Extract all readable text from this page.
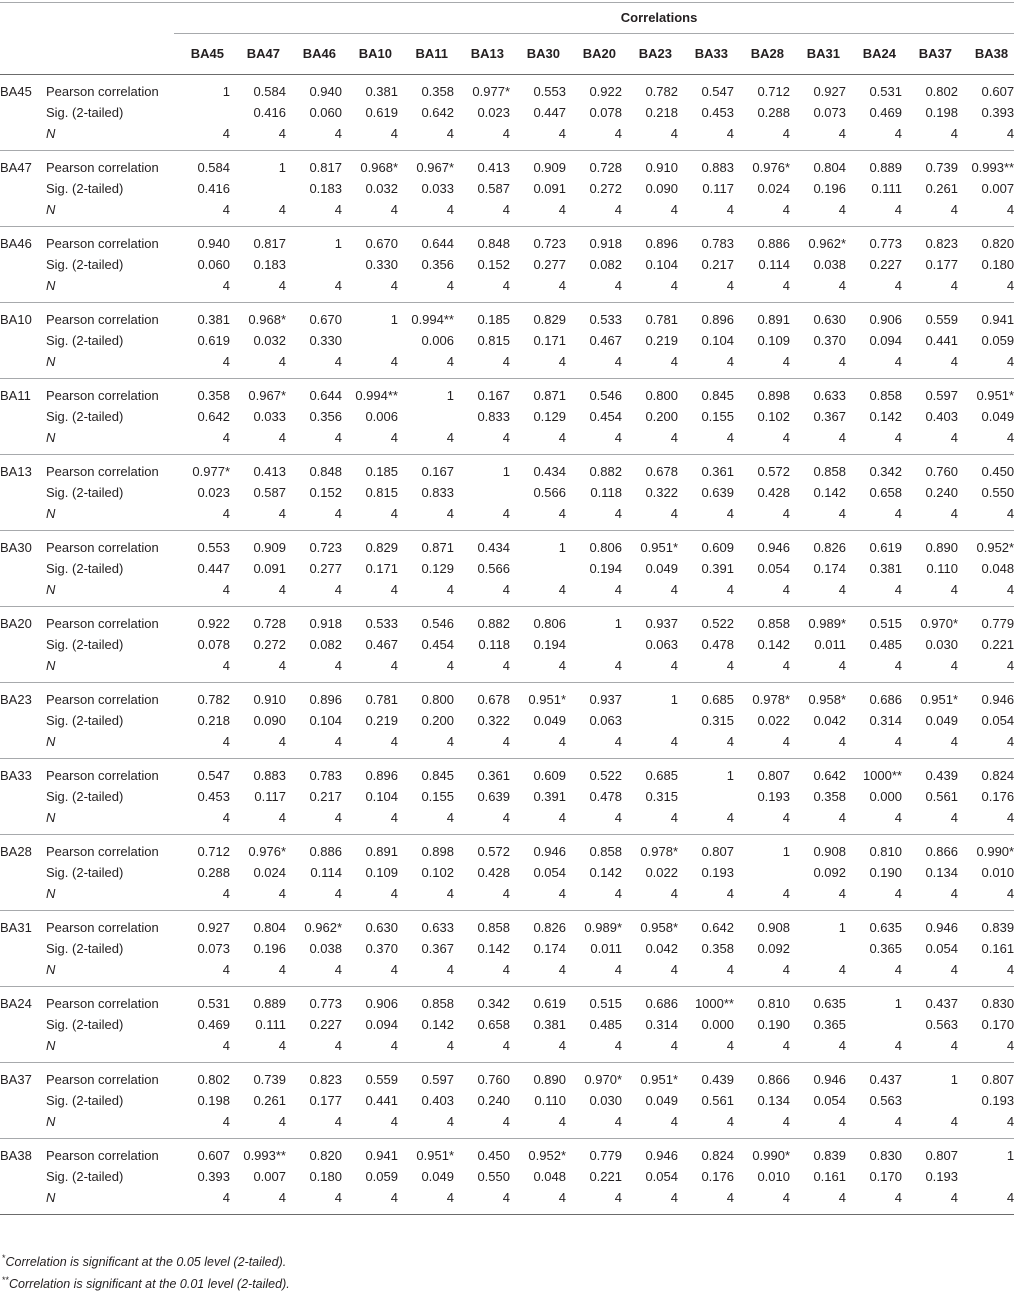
		Correlations														
		BA45	BA47	BA46	BA10	BA11	BA13	BA30	BA20	BA23	BA33	BA28	BA31	BA24	BA37	BA38
BA45	Pearson correlation	1	0.584	0.940	0.381	0.358	0.977*	0.553	0.922	0.782	0.547	0.712	0.927	0.531	0.802	0.607
	Sig. (2-tailed)		0.416	0.060	0.619	0.642	0.023	0.447	0.078	0.218	0.453	0.288	0.073	0.469	0.198	0.393
	N	4	4	4	4	4	4	4	4	4	4	4	4	4	4	4
BA47	Pearson correlation	0.584	1	0.817	0.968*	0.967*	0.413	0.909	0.728	0.910	0.883	0.976*	0.804	0.889	0.739	0.993**
	Sig. (2-tailed)	0.416		0.183	0.032	0.033	0.587	0.091	0.272	0.090	0.117	0.024	0.196	0.111	0.261	0.007
	N	4	4	4	4	4	4	4	4	4	4	4	4	4	4	4
BA46	Pearson correlation	0.940	0.817	1	0.670	0.644	0.848	0.723	0.918	0.896	0.783	0.886	0.962*	0.773	0.823	0.820
	Sig. (2-tailed)	0.060	0.183		0.330	0.356	0.152	0.277	0.082	0.104	0.217	0.114	0.038	0.227	0.177	0.180
	N	4	4	4	4	4	4	4	4	4	4	4	4	4	4	4
BA10	Pearson correlation	0.381	0.968*	0.670	1	0.994**	0.185	0.829	0.533	0.781	0.896	0.891	0.630	0.906	0.559	0.941
	Sig. (2-tailed)	0.619	0.032	0.330		0.006	0.815	0.171	0.467	0.219	0.104	0.109	0.370	0.094	0.441	0.059
	N	4	4	4	4	4	4	4	4	4	4	4	4	4	4	4
BA11	Pearson correlation	0.358	0.967*	0.644	0.994**	1	0.167	0.871	0.546	0.800	0.845	0.898	0.633	0.858	0.597	0.951*
	Sig. (2-tailed)	0.642	0.033	0.356	0.006		0.833	0.129	0.454	0.200	0.155	0.102	0.367	0.142	0.403	0.049
	N	4	4	4	4	4	4	4	4	4	4	4	4	4	4	4
BA13	Pearson correlation	0.977*	0.413	0.848	0.185	0.167	1	0.434	0.882	0.678	0.361	0.572	0.858	0.342	0.760	0.450
	Sig. (2-tailed)	0.023	0.587	0.152	0.815	0.833		0.566	0.118	0.322	0.639	0.428	0.142	0.658	0.240	0.550
	N	4	4	4	4	4	4	4	4	4	4	4	4	4	4	4
BA30	Pearson correlation	0.553	0.909	0.723	0.829	0.871	0.434	1	0.806	0.951*	0.609	0.946	0.826	0.619	0.890	0.952*
	Sig. (2-tailed)	0.447	0.091	0.277	0.171	0.129	0.566		0.194	0.049	0.391	0.054	0.174	0.381	0.110	0.048
	N	4	4	4	4	4	4	4	4	4	4	4	4	4	4	4
BA20	Pearson correlation	0.922	0.728	0.918	0.533	0.546	0.882	0.806	1	0.937	0.522	0.858	0.989*	0.515	0.970*	0.779
	Sig. (2-tailed)	0.078	0.272	0.082	0.467	0.454	0.118	0.194		0.063	0.478	0.142	0.011	0.485	0.030	0.221
	N	4	4	4	4	4	4	4	4	4	4	4	4	4	4	4
BA23	Pearson correlation	0.782	0.910	0.896	0.781	0.800	0.678	0.951*	0.937	1	0.685	0.978*	0.958*	0.686	0.951*	0.946
	Sig. (2-tailed)	0.218	0.090	0.104	0.219	0.200	0.322	0.049	0.063		0.315	0.022	0.042	0.314	0.049	0.054
	N	4	4	4	4	4	4	4	4	4	4	4	4	4	4	4
BA33	Pearson correlation	0.547	0.883	0.783	0.896	0.845	0.361	0.609	0.522	0.685	1	0.807	0.642	1000**	0.439	0.824
	Sig. (2-tailed)	0.453	0.117	0.217	0.104	0.155	0.639	0.391	0.478	0.315		0.193	0.358	0.000	0.561	0.176
	N	4	4	4	4	4	4	4	4	4	4	4	4	4	4	4
BA28	Pearson correlation	0.712	0.976*	0.886	0.891	0.898	0.572	0.946	0.858	0.978*	0.807	1	0.908	0.810	0.866	0.990*
	Sig. (2-tailed)	0.288	0.024	0.114	0.109	0.102	0.428	0.054	0.142	0.022	0.193		0.092	0.190	0.134	0.010
	N	4	4	4	4	4	4	4	4	4	4	4	4	4	4	4
BA31	Pearson correlation	0.927	0.804	0.962*	0.630	0.633	0.858	0.826	0.989*	0.958*	0.642	0.908	1	0.635	0.946	0.839
	Sig. (2-tailed)	0.073	0.196	0.038	0.370	0.367	0.142	0.174	0.011	0.042	0.358	0.092		0.365	0.054	0.161
	N	4	4	4	4	4	4	4	4	4	4	4	4	4	4	4
BA24	Pearson correlation	0.531	0.889	0.773	0.906	0.858	0.342	0.619	0.515	0.686	1000**	0.810	0.635	1	0.437	0.830
	Sig. (2-tailed)	0.469	0.111	0.227	0.094	0.142	0.658	0.381	0.485	0.314	0.000	0.190	0.365		0.563	0.170
	N	4	4	4	4	4	4	4	4	4	4	4	4	4	4	4
BA37	Pearson correlation	0.802	0.739	0.823	0.559	0.597	0.760	0.890	0.970*	0.951*	0.439	0.866	0.946	0.437	1	0.807
	Sig. (2-tailed)	0.198	0.261	0.177	0.441	0.403	0.240	0.110	0.030	0.049	0.561	0.134	0.054	0.563		0.193
	N	4	4	4	4	4	4	4	4	4	4	4	4	4	4	4
BA38	Pearson correlation	0.607	0.993**	0.820	0.941	0.951*	0.450	0.952*	0.779	0.946	0.824	0.990*	0.839	0.830	0.807	1
	Sig. (2-tailed)	0.393	0.007	0.180	0.059	0.049	0.550	0.048	0.221	0.054	0.176	0.010	0.161	0.170	0.193	
	N	4	4	4	4	4	4	4	4	4	4	4	4	4	4	4
*Correlation is significant at the 0.05 level (2-tailed).
**Correlation is significant at the 0.01 level (2-tailed).
